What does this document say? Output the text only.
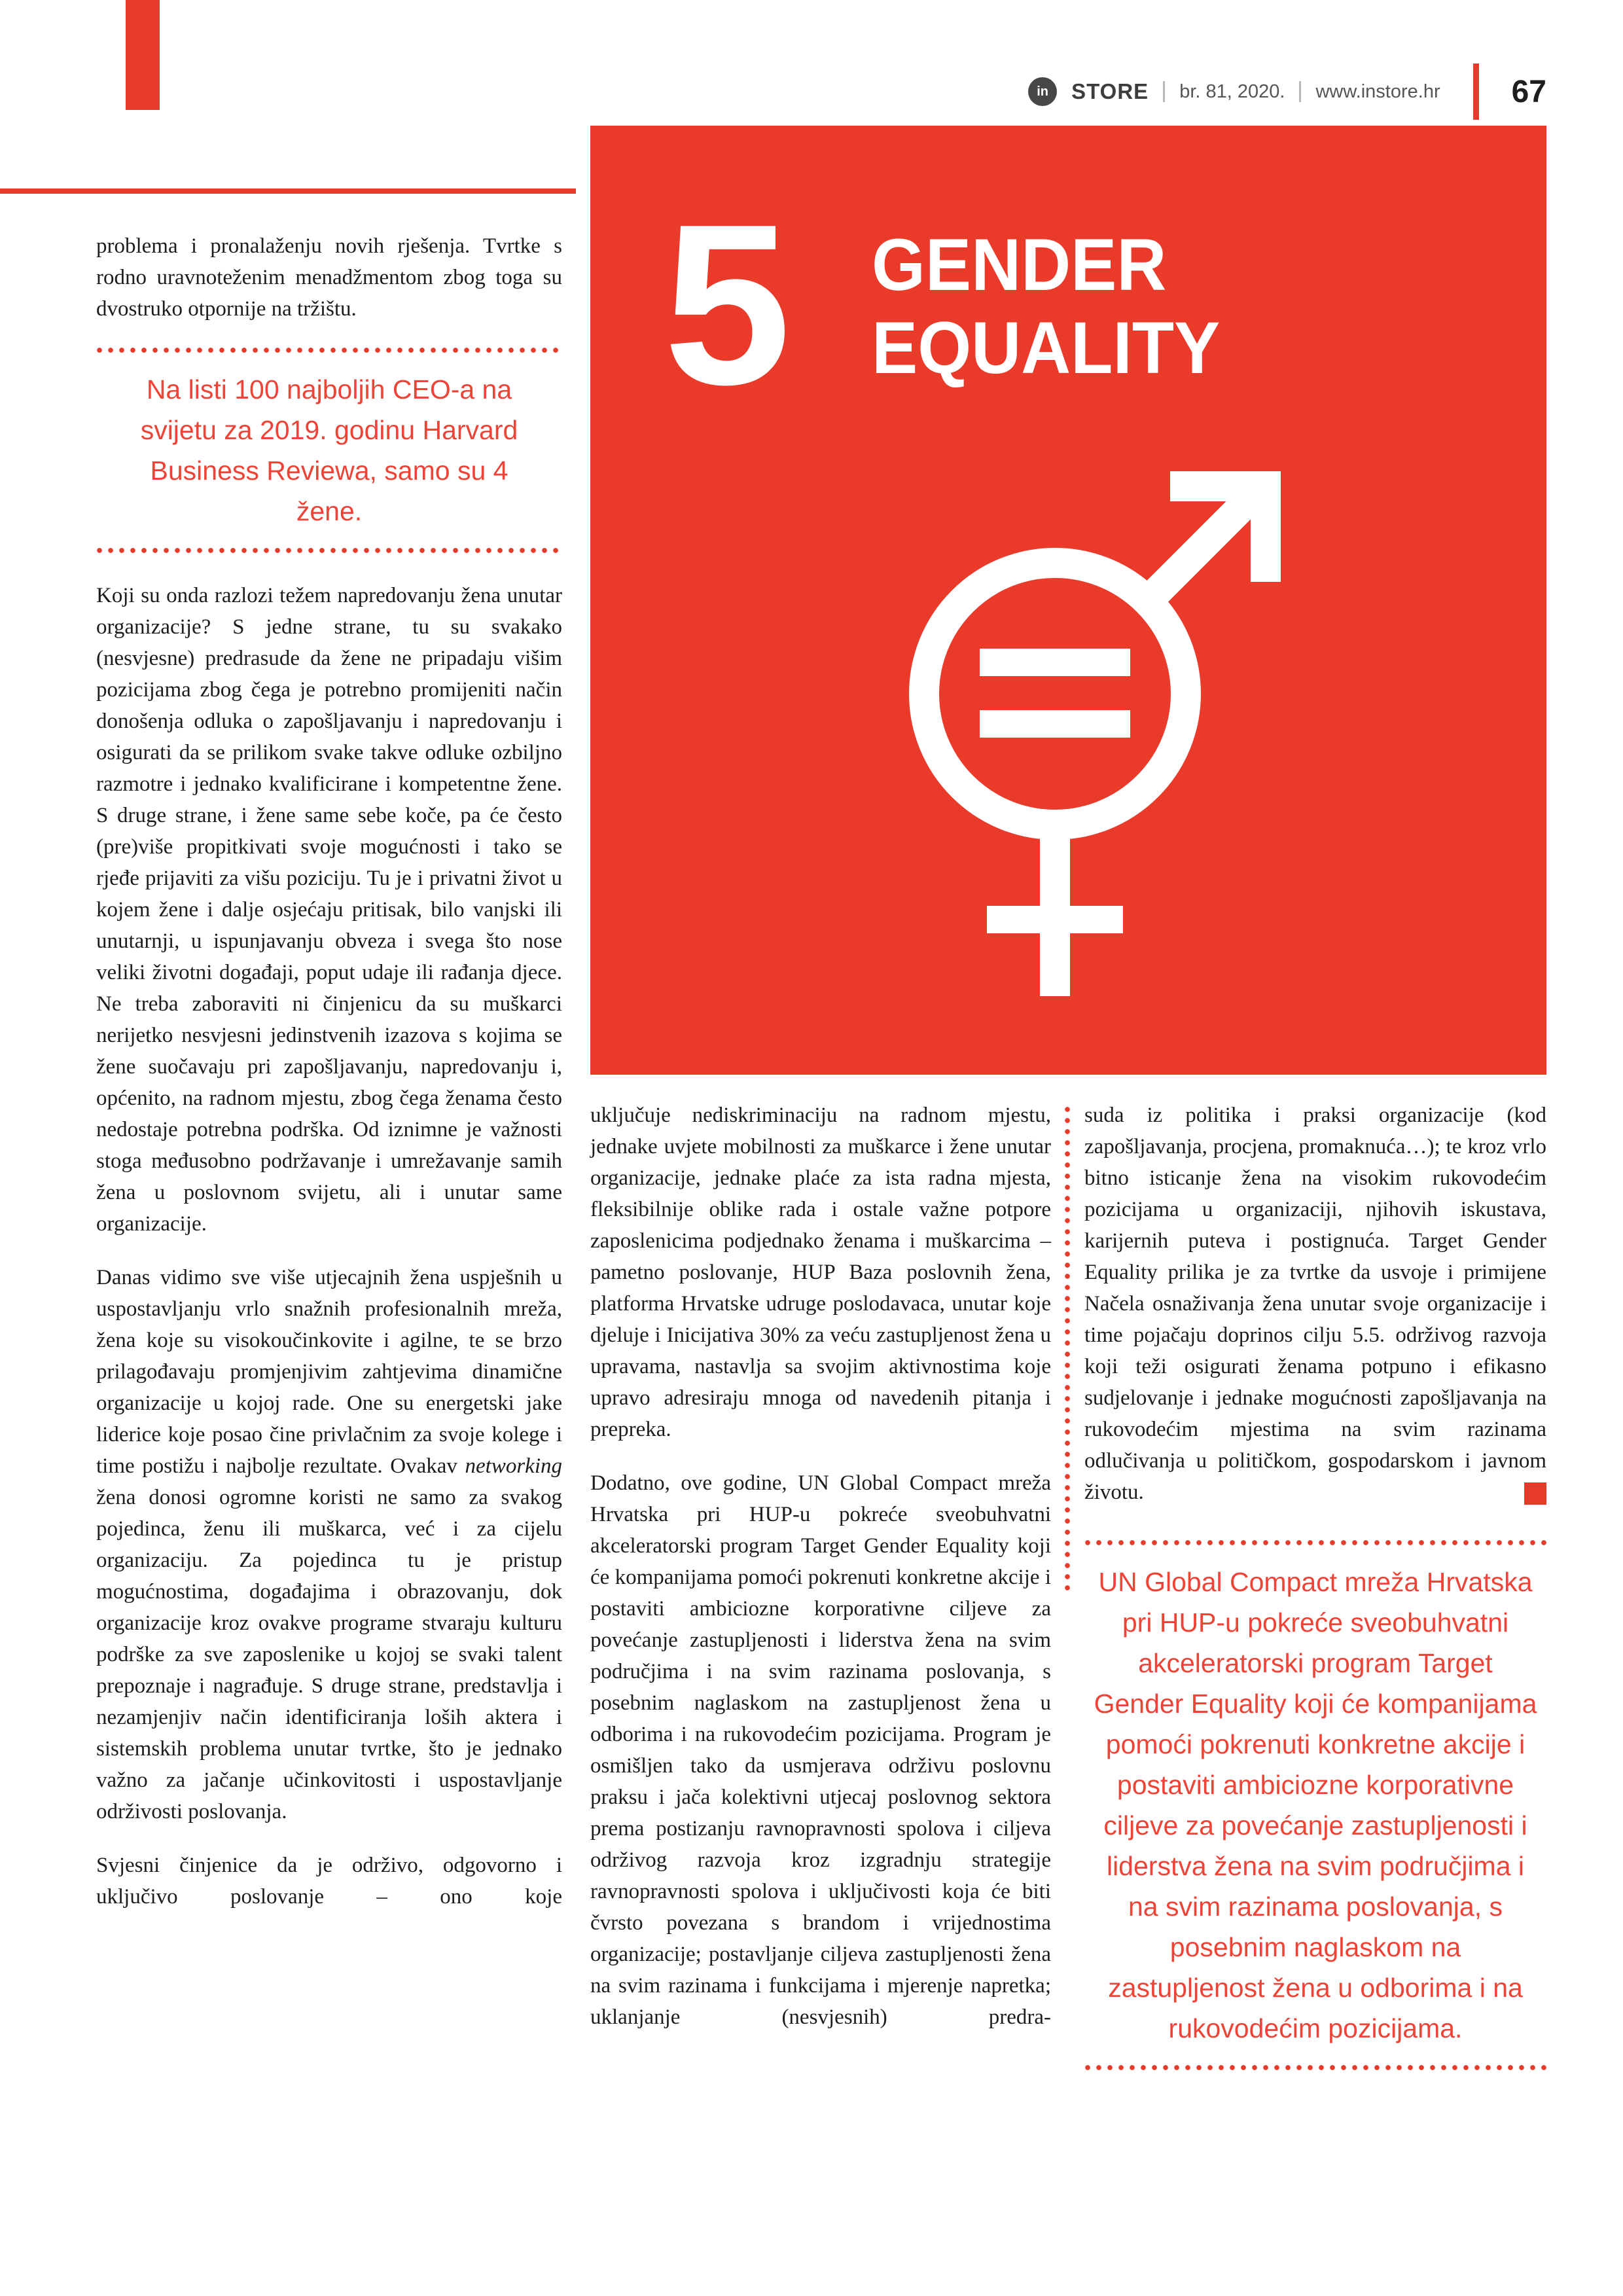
in	STORE br. 81, 2020. www.instore.hr 67
5 GENDER
EQUALITY

problema i pronalaženju novih rješenja. Tvrtke s rodno uravnoteženim menadžmentom zbog toga su dvostruko otpornije na tržištu.

Na listi 100 najboljih CEO-a na svijetu za 2019. godinu Harvard Business Reviewa, samo su 4 žene.

Koji su onda razlozi težem napredovanju žena unutar organizacije? S jedne strane, tu su svakako (nesvjesne) predrasude da žene ne pripadaju višim pozicijama zbog čega je potrebno promijeniti način donošenja odluka o zapošljavanju i napredovanju i osigurati da se prilikom svake takve odluke ozbiljno razmotre i jednako kvalificirane i kompetentne žene. S druge strane, i žene same sebe koče, pa će često (pre)više propitkivati svoje mogućnosti i tako se rjeđe prijaviti za višu poziciju. Tu je i privatni život u kojem žene i dalje osjećaju pritisak, bilo vanjski ili unutarnji, u ispunjavanju obveza i svega što nose veliki životni događaji, poput udaje ili rađanja djece. Ne treba zaboraviti ni činjenicu da su muškarci nerijetko nesvjesni jedinstvenih izazova s kojima se žene suočavaju pri zapošljavanju, napredovanju i, općenito, na radnom mjestu, zbog čega ženama često nedostaje potrebna podrška. Od iznimne je važnosti stoga međusobno podržavanje i umrežavanje samih žena u poslovnom svijetu, ali i unutar same organizacije.

Danas vidimo sve više utjecajnih žena uspješnih u uspostavljanju vrlo snažnih profesionalnih mreža, žena koje su visokoučinkovite i agilne, te se brzo prilagođavaju promjenjivim zahtjevima dinamične organizacije u kojoj rade. One su energetski jake liderice koje posao čine privlačnim za svoje kolege i time postižu i najbolje rezultate. Ovakav networking žena donosi ogromne koristi ne samo za svakog pojedinca, ženu ili muškarca, već i za cijelu organizaciju. Za pojedinca tu je pristup mogućnostima, događajima i obrazovanju, dok organizacije kroz ovakve programe stvaraju kulturu podrške za sve zaposlenike u kojoj se svaki talent prepoznaje i nagrađuje. S druge strane, predstavlja i nezamjenjiv način identificiranja loših aktera i sistemskih problema unutar tvrtke, što je jednako važno za jačanje učinkovitosti i uspostavljanje održivosti poslovanja.

Svjesni činjenice da je održivo, odgovorno i uključivo poslovanje – ono koje

uključuje nediskriminaciju na radnom mjestu, jednake uvjete mobilnosti za muškarce i žene unutar organizacije, jednake plaće za ista radna mjesta, fleksibilnije oblike rada i ostale važne potpore zaposlenicima podjednako ženama i muškarcima – pametno poslovanje, HUP Baza poslovnih žena, platforma Hrvatske udruge poslodavaca, unutar koje djeluje i Inicijativa 30% za veću zastupljenost žena u upravama, nastavlja sa svojim aktivnostima koje upravo adresiraju mnoga od navedenih pitanja i prepreka.

Dodatno, ove godine, UN Global Compact mreža Hrvatska pri HUP-u pokreće sveobuhvatni akceleratorski program Target Gender Equality koji će kompanijama pomoći pokrenuti konkretne akcije i postaviti ambiciozne korporativne ciljeve za povećanje zastupljenosti i liderstva žena na svim područjima i na svim razinama poslovanja, s posebnim naglaskom na zastupljenost žena u odborima i na rukovodećim pozicijama. Program je osmišljen tako da usmjerava održivu poslovnu praksu i jača kolektivni utjecaj poslovnog sektora prema postizanju ravnopravnosti spolova i ciljeva održivog razvoja kroz izgradnju strategije ravnopravnosti spolova i uključivosti koja će biti čvrsto povezana s brandom i vrijednostima organizacije; postavljanje ciljeva zastupljenosti žena na svim razinama i funkcijama i mjerenje napretka; uklanjanje (nesvjesnih) predra-

suda iz politika i praksi organizacije (kod zapošljavanja, procjena, promaknuća…); te kroz vrlo bitno isticanje žena na visokim rukovodećim pozicijama u organizaciji, njihovih iskustava, karijernih puteva i postignuća. Target Gender Equality prilika je za tvrtke da usvoje i primijene Načela osnaživanja žena unutar svoje organizacije i time pojačaju doprinos cilju 5.5. održivog razvoja koji teži osigurati ženama potpuno i efikasno sudjelovanje i jednake mogućnosti zapošljavanja na rukovodećim mjestima na svim razinama odlučivanja u političkom, gospodarskom i javnom životu.

UN Global Compact mreža Hrvatska pri HUP-u pokreće sveobuhvatni akceleratorski program Target Gender Equality koji će kompanijama pomoći pokrenuti konkretne akcije i postaviti ambiciozne korporativne ciljeve za povećanje zastupljenosti i liderstva žena na svim područjima i na svim razinama poslovanja, s posebnim naglaskom na zastupljenost žena u odborima i na rukovodećim pozicijama.
